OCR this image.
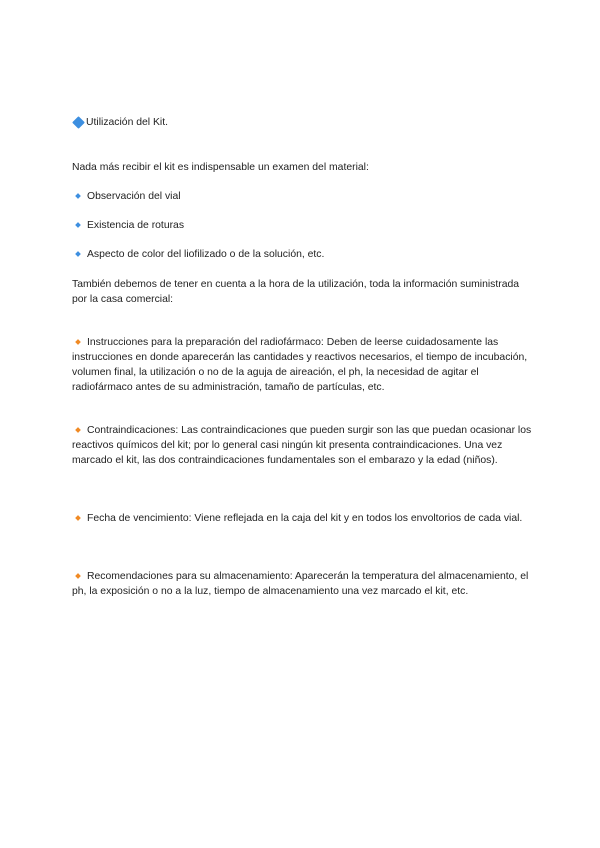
Utilización del Kit.

Nada más recibir el kit es indispensable un examen del material:

Observación del vial
Existencia de roturas
Aspecto de color del liofilizado o de la solución, etc.

También debemos de tener en cuenta a la hora de la utilización, toda la información suministrada por la casa comercial:

Instrucciones para la preparación del radiofármaco: Deben de leerse cuidadosamente las instrucciones en donde aparecerán las cantidades y reactivos necesarios, el tiempo de incubación, volumen final, la utilización o no de la aguja de aireación, el ph, la necesidad de agitar el radiofármaco antes de su administración, tamaño de partículas, etc.
Contraindicaciones: Las contraindicaciones que pueden surgir son las que puedan ocasionar los reactivos químicos del kit; por lo general casi ningún kit presenta contraindicaciones. Una vez marcado el kit, las dos contraindicaciones fundamentales son el embarazo y la edad (niños).
Fecha de vencimiento: Viene reflejada en la caja del kit y en todos los envoltorios de cada vial.
Recomendaciones para su almacenamiento: Aparecerán la temperatura del almacenamiento, el ph, la exposición o no a la luz, tiempo de almacenamiento una vez marcado el kit, etc.
